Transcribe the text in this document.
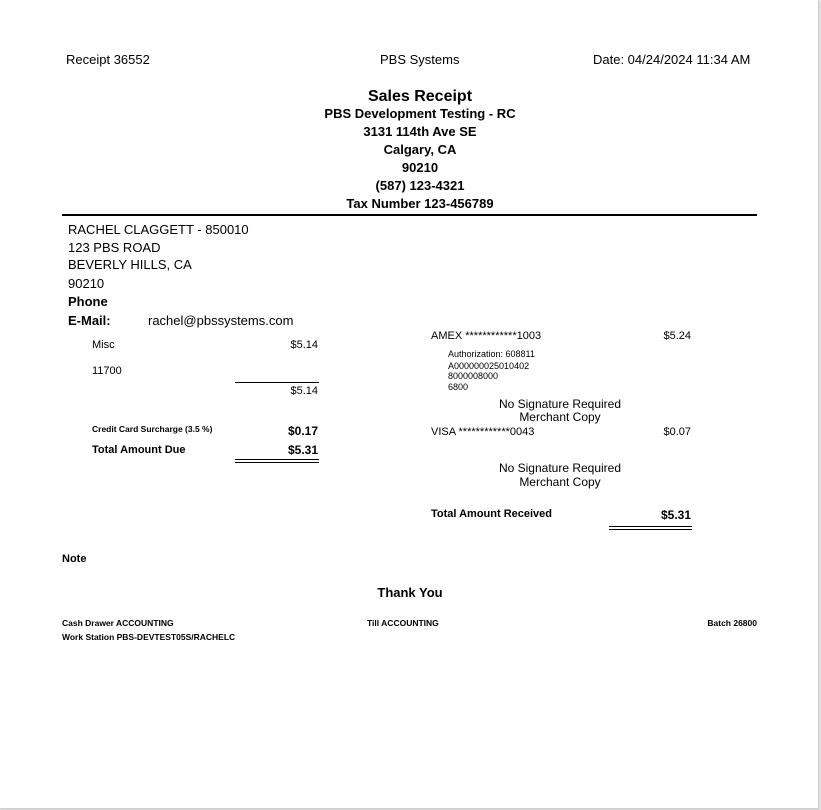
Receipt 36552	PBS Systems	Date: 04/24/2024 11:34 AM
Sales Receipt
PBS Development Testing - RC
3131 114th Ave SE
Calgary, CA
90210
(587) 123-4321
Tax Number 123-456789
RACHEL CLAGGETT - 850010
123 PBS ROAD
BEVERLY HILLS, CA
90210
Phone
E-Mail:	rachel@pbssystems.com
Misc	$5.14
11700
$5.14
Credit Card Surcharge (3.5 %)	$0.17
Total Amount Due	$5.31
AMEX ************1003	$5.24
Authorization: 608811
A000000025010402
8000008000
6800
No Signature Required
Merchant Copy
VISA ************0043	$0.07
No Signature Required
Merchant Copy
Total Amount Received	$5.31
Note
Thank You
Cash Drawer ACCOUNTING
Work Station PBS-DEVTEST05S/RACHELC
Till ACCOUNTING	Batch 26800
